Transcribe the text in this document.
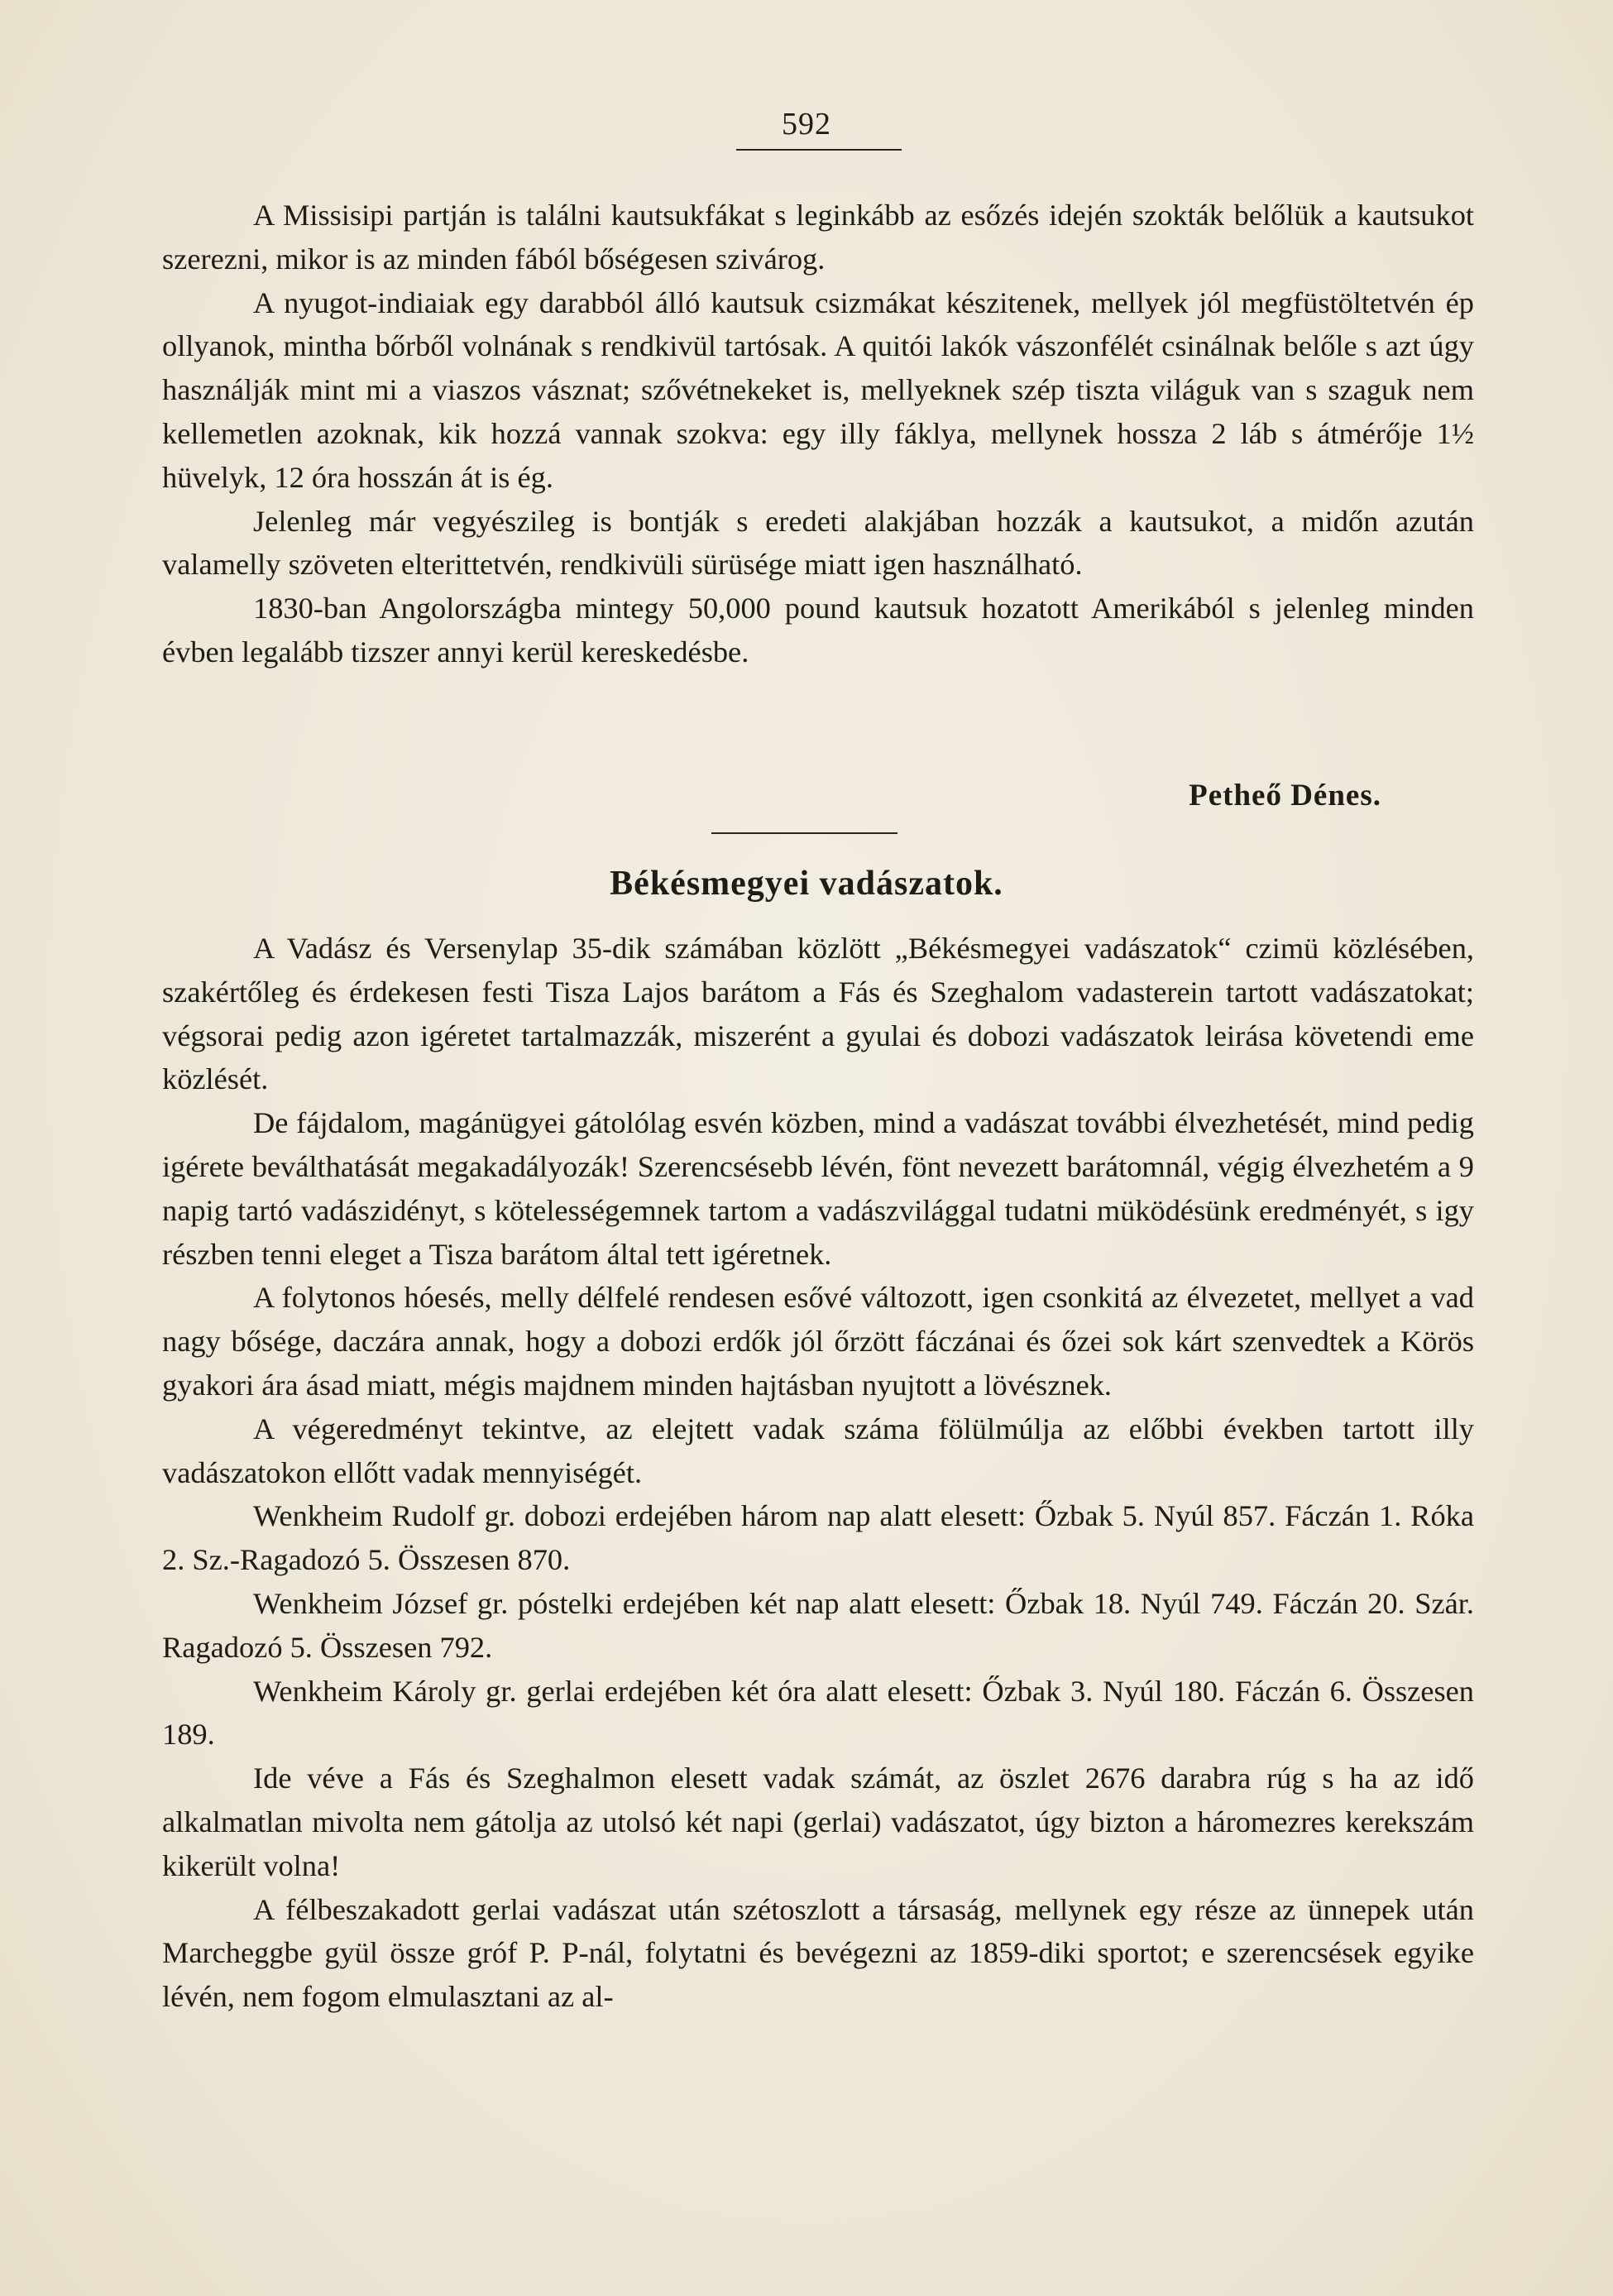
592

A Missisipi partján is találni kautsukfákat s leginkább az esőzés idején szokták belőlük a kautsukot szerezni, mikor is az minden fából bőségesen szivárog.

A nyugot-indiaiak egy darabból álló kautsuk csizmákat készitenek, mellyek jól megfüstöltetvén ép ollyanok, mintha bőrből volnának s rendkivül tartósak. A quitói lakók vászonfélét csinálnak belőle s azt úgy használják mint mi a viaszos vásznat; szővétnekeket is, mellyeknek szép tiszta világuk van s szaguk nem kellemetlen azoknak, kik hozzá vannak szokva: egy illy fáklya, mellynek hossza 2 láb s átmérője 1½ hüvelyk, 12 óra hosszán át is ég.

Jelenleg már vegyészileg is bontják s eredeti alakjában hozzák a kautsukot, a midőn azután valamelly szöveten elterittetvén, rendkivüli sürüsége miatt igen használható.

1830-ban Angolországba mintegy 50,000 pound kautsuk hozatott Amerikából s jelenleg minden évben legalább tizszer annyi kerül kereskedésbe.

Petheő Dénes.
Békésmegyei vadászatok.

A Vadász és Versenylap 35-dik számában közlött „Békésmegyei vadászatok“ czimü közlésében, szakértőleg és érdekesen festi Tisza Lajos barátom a Fás és Szeghalom vadasterein tartott vadászatokat; végsorai pedig azon igéretet tartalmazzák, miszerént a gyulai és dobozi vadászatok leirása követendi eme közlését.

De fájdalom, magánügyei gátolólag esvén közben, mind a vadászat további élvezhetését, mind pedig igérete beválthatását megakadályozák! Szerencsésebb lévén, fönt nevezett barátomnál, végig élvezhetém a 9 napig tartó vadászidényt, s kötelességemnek tartom a vadászvilággal tudatni müködésünk eredményét, s igy részben tenni eleget a Tisza barátom által tett igéretnek.

A folytonos hóesés, melly délfelé rendesen esővé változott, igen csonkitá az élvezetet, mellyet a vad nagy bősége, daczára annak, hogy a dobozi erdők jól őrzött fáczánai és őzei sok kárt szenvedtek a Körös gyakori ára ásad miatt, mégis majdnem minden hajtásban nyujtott a lövésznek.

A végeredményt tekintve, az elejtett vadak száma fölülmúlja az előbbi években tartott illy vadászatokon ellőtt vadak mennyiségét.

Wenkheim Rudolf gr. dobozi erdejében három nap alatt elesett: Őzbak 5. Nyúl 857. Fáczán 1. Róka 2. Sz.-Ragadozó 5. Összesen 870.

Wenkheim József gr. póstelki erdejében két nap alatt elesett: Őzbak 18. Nyúl 749. Fáczán 20. Szár. Ragadozó 5. Összesen 792.

Wenkheim Károly gr. gerlai erdejében két óra alatt elesett: Őzbak 3. Nyúl 180. Fáczán 6. Összesen 189.

Ide véve a Fás és Szeghalmon elesett vadak számát, az öszlet 2676 darabra rúg s ha az idő alkalmatlan mivolta nem gátolja az utolsó két napi (gerlai) vadászatot, úgy bizton a háromezres kerekszám kikerült volna!

A félbeszakadott gerlai vadászat után szétoszlott a társaság, mellynek egy része az ünnepek után Marcheggbe gyül össze gróf P. P-nál, folytatni és bevégezni az 1859-diki sportot; e szerencsések egyike lévén, nem fogom elmulasztani az al-
